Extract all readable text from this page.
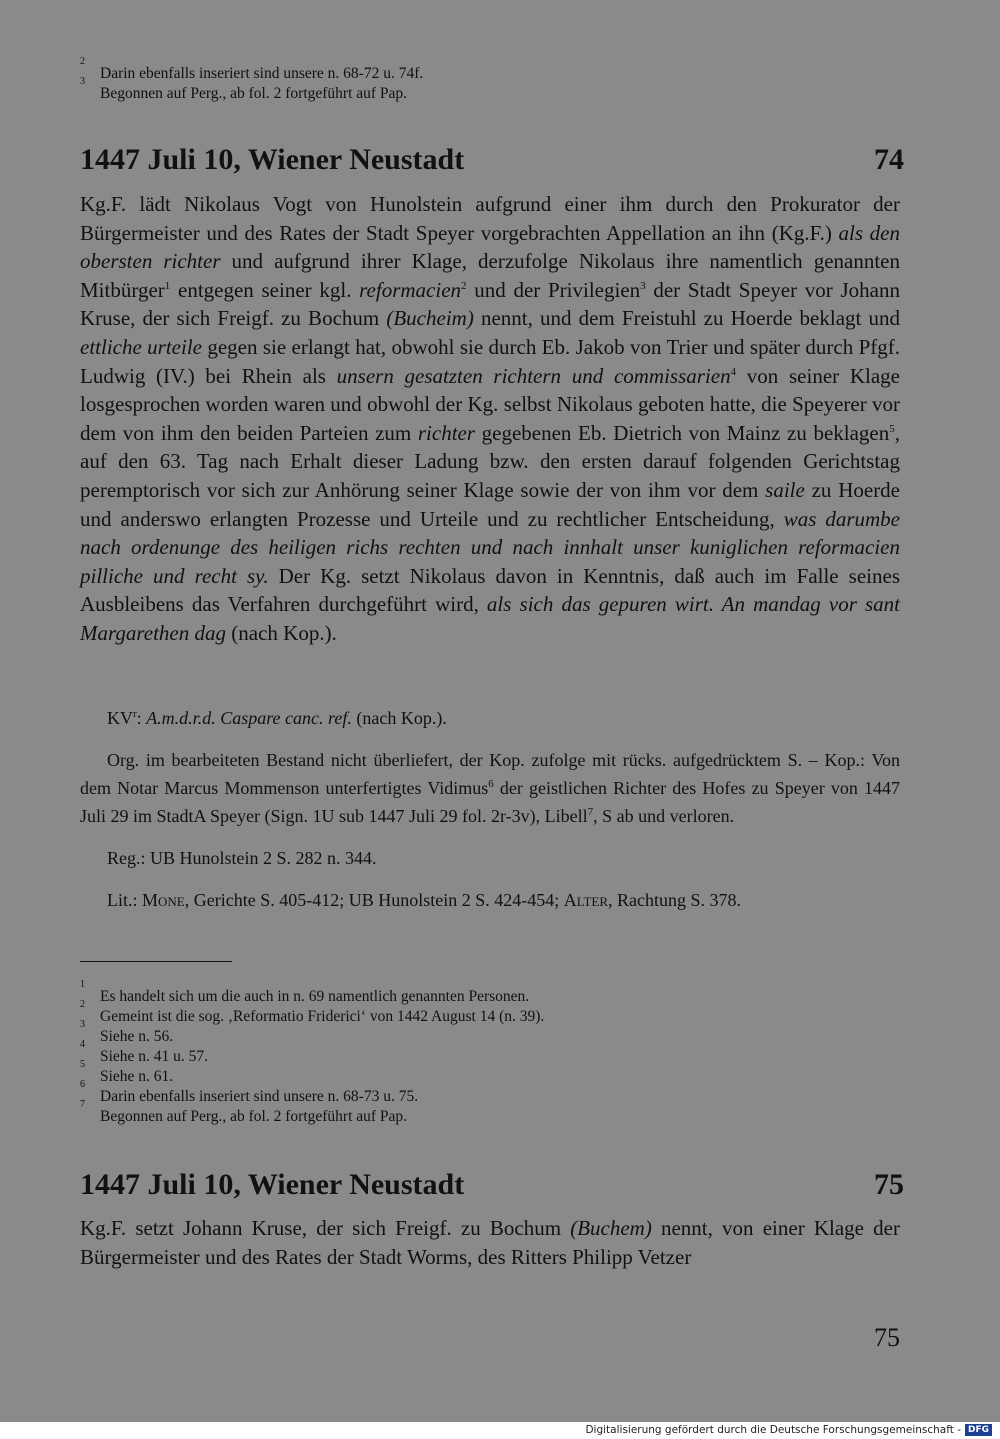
2
Darin ebenfalls inseriert sind unsere n. 68-72 u. 74f.
3
Begonnen auf Perg., ab fol. 2 fortgeführt auf Pap.
1447 Juli 10, Wiener Neustadt	74
Kg.F. lädt Nikolaus Vogt von Hunolstein aufgrund einer ihm durch den Prokurator der Bürgermeister und des Rates der Stadt Speyer vorgebrachten Appellation an ihn (Kg.F.) als den obersten richter und aufgrund ihrer Klage, derzufolge Nikolaus ihre namentlich genannten Mitbürger$^1$ entgegen seiner kgl. reformacien$^2$ und der Privilegien$^3$ der Stadt Speyer vor Johann Kruse, der sich Freigf. zu Bochum (Bucheim) nennt, und dem Freistuhl zu Hoerde beklagt und ettliche urteile gegen sie erlangt hat, obwohl sie durch Eb. Jakob von Trier und später durch Pfgf. Ludwig (IV.) bei Rhein als unsern gesatzten richtern und commissarien$^4$ von seiner Klage losgesprochen worden waren und obwohl der Kg. selbst Nikolaus geboten hatte, die Speyerer vor dem von ihm den beiden Parteien zum richter gegebenen Eb. Dietrich von Mainz zu beklagen$^5$, auf den 63. Tag nach Erhalt dieser Ladung bzw. den ersten darauf folgenden Gerichtstag peremptorisch vor sich zur Anhörung seiner Klage sowie der von ihm vor dem saile zu Hoerde und anderswo erlangten Prozesse und Urteile und zu rechtlicher Entscheidung, was darumbe nach ordenunge des heiligen richs rechten und nach innhalt unser kuniglichen reformacien pilliche und recht sy. Der Kg. setzt Nikolaus davon in Kenntnis, daß auch im Falle seines Ausbleibens das Verfahren durchgeführt wird, als sich das gepuren wirt. An mandag vor sant Margarethen dag (nach Kop.).

$KV^r$: A.m.d.r.d. Caspare canc. ref. (nach Kop.).

Org. im bearbeiteten Bestand nicht überliefert, der Kop. zufolge mit rücks. aufgedrücktem S. – Kop.: Von dem Notar Marcus Mommenson unterfertigtes Vidimus$^6$ der geistlichen Richter des Hofes zu Speyer von 1447 Juli 29 im StadtA Speyer (Sign. 1U sub 1447 Juli 29 fol. 2r-3v), Libell$^7$, S ab und verloren.

Reg.: UB Hunolstein 2 S. 282 n. 344.

Lit.: Mone, Gerichte S. 405-412; UB Hunolstein 2 S. 424-454; Alter, Rachtung S. 378.

1
Es handelt sich um die auch in n. 69 namentlich genannten Personen.
2
Gemeint ist die sog. ‚Reformatio Friderici‘ von 1442 August 14 (n. 39).
3
Siehe n. 56.
4
Siehe n. 41 u. 57.
5
Siehe n. 61.
6
Darin ebenfalls inseriert sind unsere n. 68-73 u. 75.
7
Begonnen auf Perg., ab fol. 2 fortgeführt auf Pap.
1447 Juli 10, Wiener Neustadt	75
Kg.F. setzt Johann Kruse, der sich Freigf. zu Bochum (Buchem) nennt, von einer Klage der Bürgermeister und des Rates der Stadt Worms, des Ritters Philipp Vetzer
75
Digitalisierung gefördert durch die Deutsche Forschungsgemeinschaft - DFG
